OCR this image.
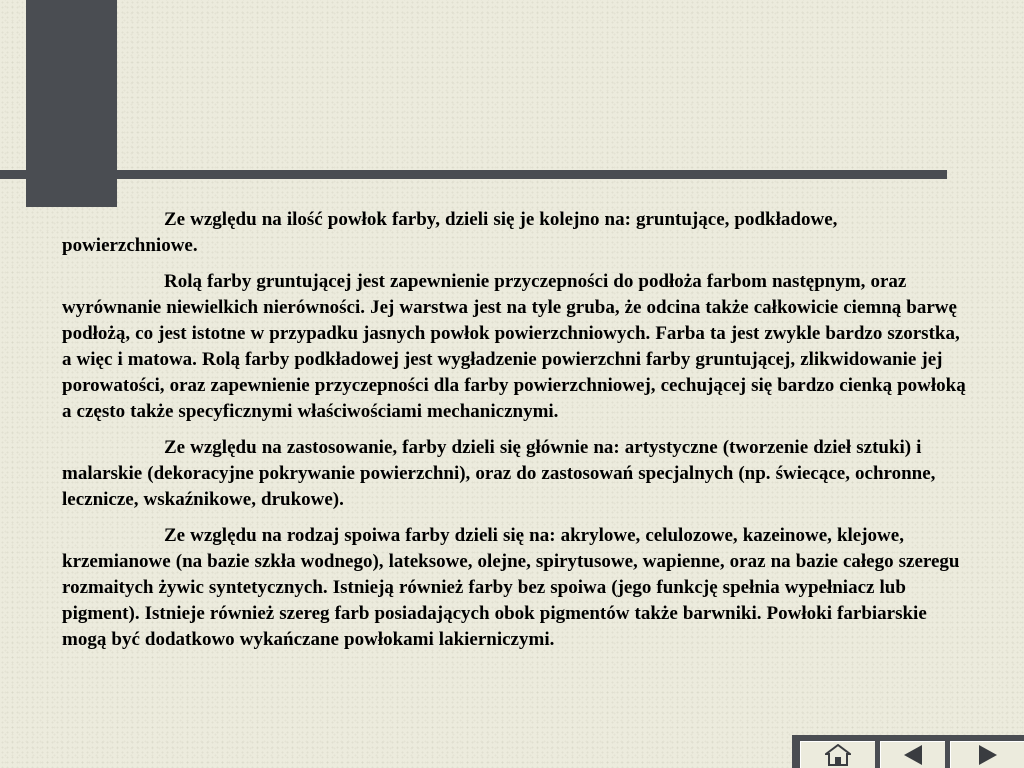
Ze względu na ilość powłok farby, dzieli się je kolejno na: gruntujące, podkładowe, powierzchniowe.

Rolą farby gruntującej jest zapewnienie przyczepności do podłoża farbom następnym, oraz wyrównanie niewielkich nierówności. Jej warstwa jest na tyle gruba, że odcina także całkowicie ciemną barwę podłożą, co jest istotne w przypadku jasnych powłok powierzchniowych. Farba ta jest zwykle bardzo szorstka, a więc i matowa. Rolą farby podkładowej jest wygładzenie powierzchni farby gruntującej, zlikwidowanie jej porowatości, oraz zapewnienie przyczepności dla farby powierzchniowej, cechującej się bardzo cienką powłoką a często także specyficznymi właściwościami mechanicznymi.

Ze względu na zastosowanie, farby dzieli się głównie na: artystyczne (tworzenie dzieł sztuki) i malarskie (dekoracyjne pokrywanie powierzchni), oraz do zastosowań specjalnych (np. świecące, ochronne, lecznicze, wskaźnikowe, drukowe).

Ze względu na rodzaj spoiwa farby dzieli się na: akrylowe, celulozowe, kazeinowe, klejowe, krzemianowe (na bazie szkła wodnego), lateksowe, olejne, spirytusowe, wapienne, oraz na bazie całego szeregu rozmaitych żywic syntetycznych. Istnieją również farby bez spoiwa (jego funkcję spełnia wypełniacz lub pigment). Istnieje również szereg farb posiadających obok pigmentów także barwniki. Powłoki farbiarskie mogą być dodatkowo wykańczane powłokami lakierniczymi.
